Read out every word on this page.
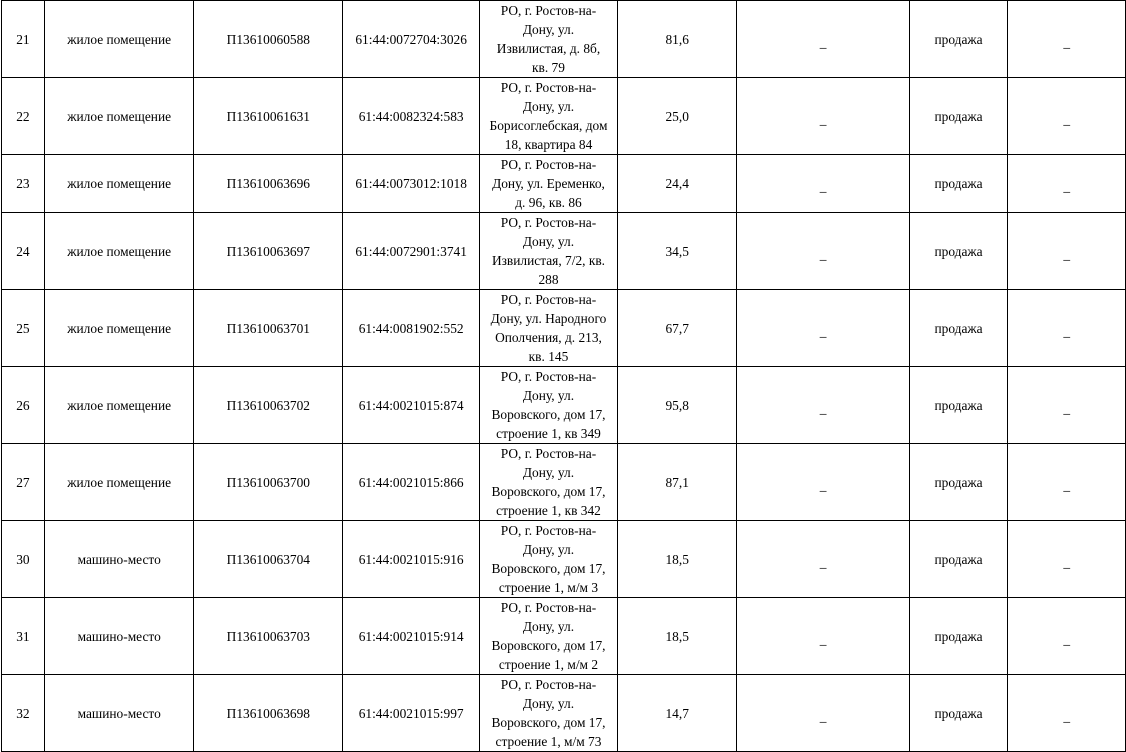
21	жилое помещение	П13610060588	61:44:0072704:3026	РО, г. Ростов-на-
Дону, ул.
Извилистая, д. 8б,
кв. 79	81,6	_	продажа	_
22	жилое помещение	П13610061631	61:44:0082324:583	РО, г. Ростов-на-
Дону, ул.
Борисоглебская, дом
18, квартира 84	25,0	_	продажа	_
23	жилое помещение	П13610063696	61:44:0073012:1018	РО, г. Ростов-на-
Дону, ул. Еременко,
д. 96, кв. 86	24,4	_	продажа	_
24	жилое помещение	П13610063697	61:44:0072901:3741	РО, г. Ростов-на-
Дону, ул.
Извилистая, 7/2, кв.
288	34,5	_	продажа	_
25	жилое помещение	П13610063701	61:44:0081902:552	РО, г. Ростов-на-
Дону, ул. Народного
Ополчения, д. 213,
кв. 145	67,7	_	продажа	_
26	жилое помещение	П13610063702	61:44:0021015:874	РО, г. Ростов-на-
Дону, ул.
Воровского, дом 17,
строение 1, кв 349	95,8	_	продажа	_
27	жилое помещение	П13610063700	61:44:0021015:866	РО, г. Ростов-на-
Дону, ул.
Воровского, дом 17,
строение 1, кв 342	87,1	_	продажа	_
30	машино-место	П13610063704	61:44:0021015:916	РО, г. Ростов-на-
Дону, ул.
Воровского, дом 17,
строение 1, м/м 3	18,5	_	продажа	_
31	машино-место	П13610063703	61:44:0021015:914	РО, г. Ростов-на-
Дону, ул.
Воровского, дом 17,
строение 1, м/м 2	18,5	_	продажа	_
32	машино-место	П13610063698	61:44:0021015:997	РО, г. Ростов-на-
Дону, ул.
Воровского, дом 17,
строение 1, м/м 73	14,7	_	продажа	_
